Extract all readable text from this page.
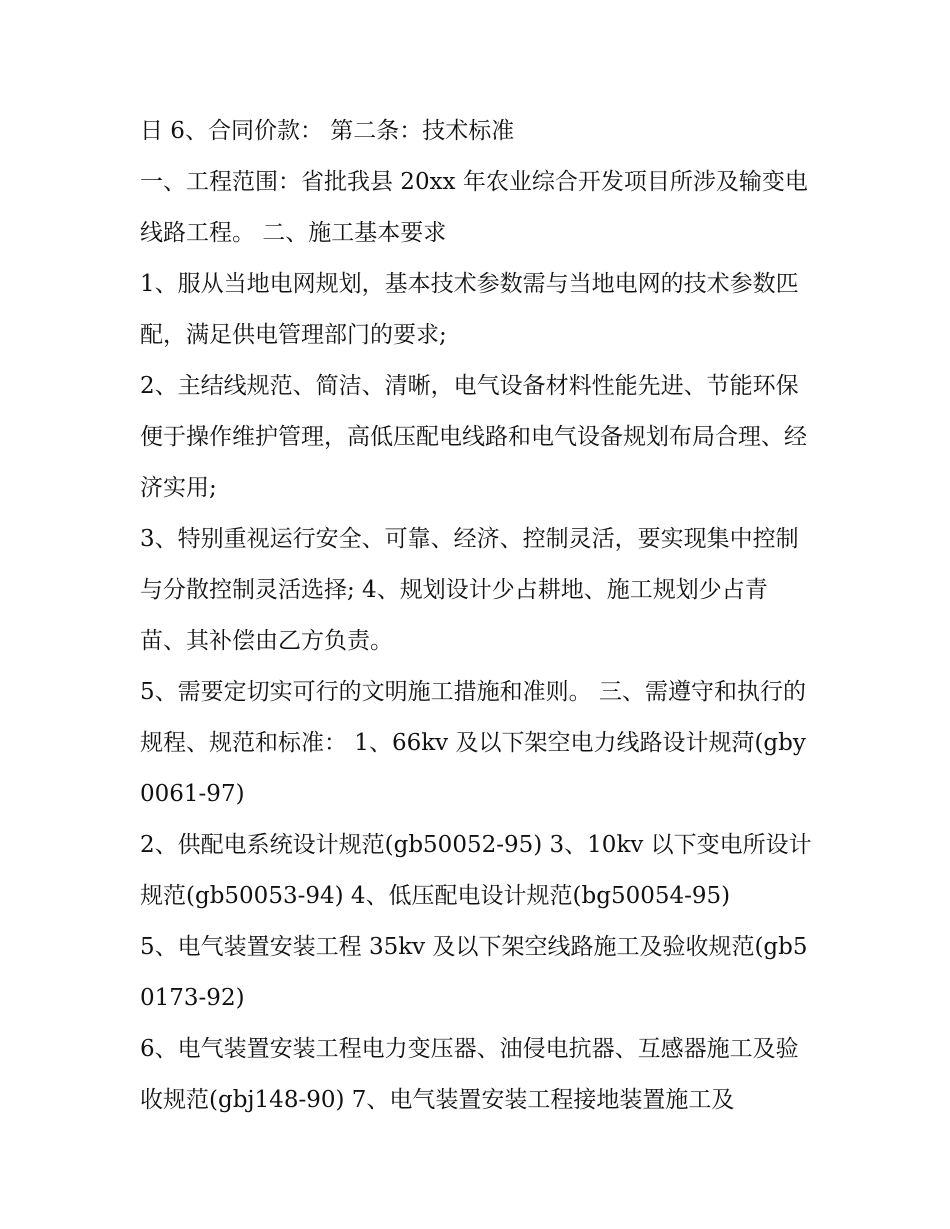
日 6、合同价款： 第二条：技术标准

一、工程范围：省批我县 20xx 年农业综合开发项目所涉及输变电线路工程。 二、施工基本要求

1、服从当地电网规划，基本技术参数需与当地电网的技术参数匹配，满足供电管理部门的要求;

2、主结线规范、简洁、清晰，电气设备材料性能先进、节能环保便于操作维护管理，高低压配电线路和电气设备规划布局合理、经济实用;

3、特别重视运行安全、可靠、经济、控制灵活，要实现集中控制与分散控制灵活选择; 4、规划设计少占耕地、施工规划少占青苗、其补偿由乙方负责。

5、需要定切实可行的文明施工措施和准则。 三、需遵守和执行的规程、规范和标准： 1、66kv 及以下架空电力线路设计规菏(gby0061-97)

2、供配电系统设计规范(gb50052-95) 3、10kv 以下变电所设计规范(gb50053-94) 4、低压配电设计规范(bg50054-95)

5、电气装置安装工程 35kv 及以下架空线路施工及验收规范(gb50173-92)

6、电气装置安装工程电力变压器、油侵电抗器、互感器施工及验收规范(gbj148-90) 7、电气装置安装工程接地装置施工及
